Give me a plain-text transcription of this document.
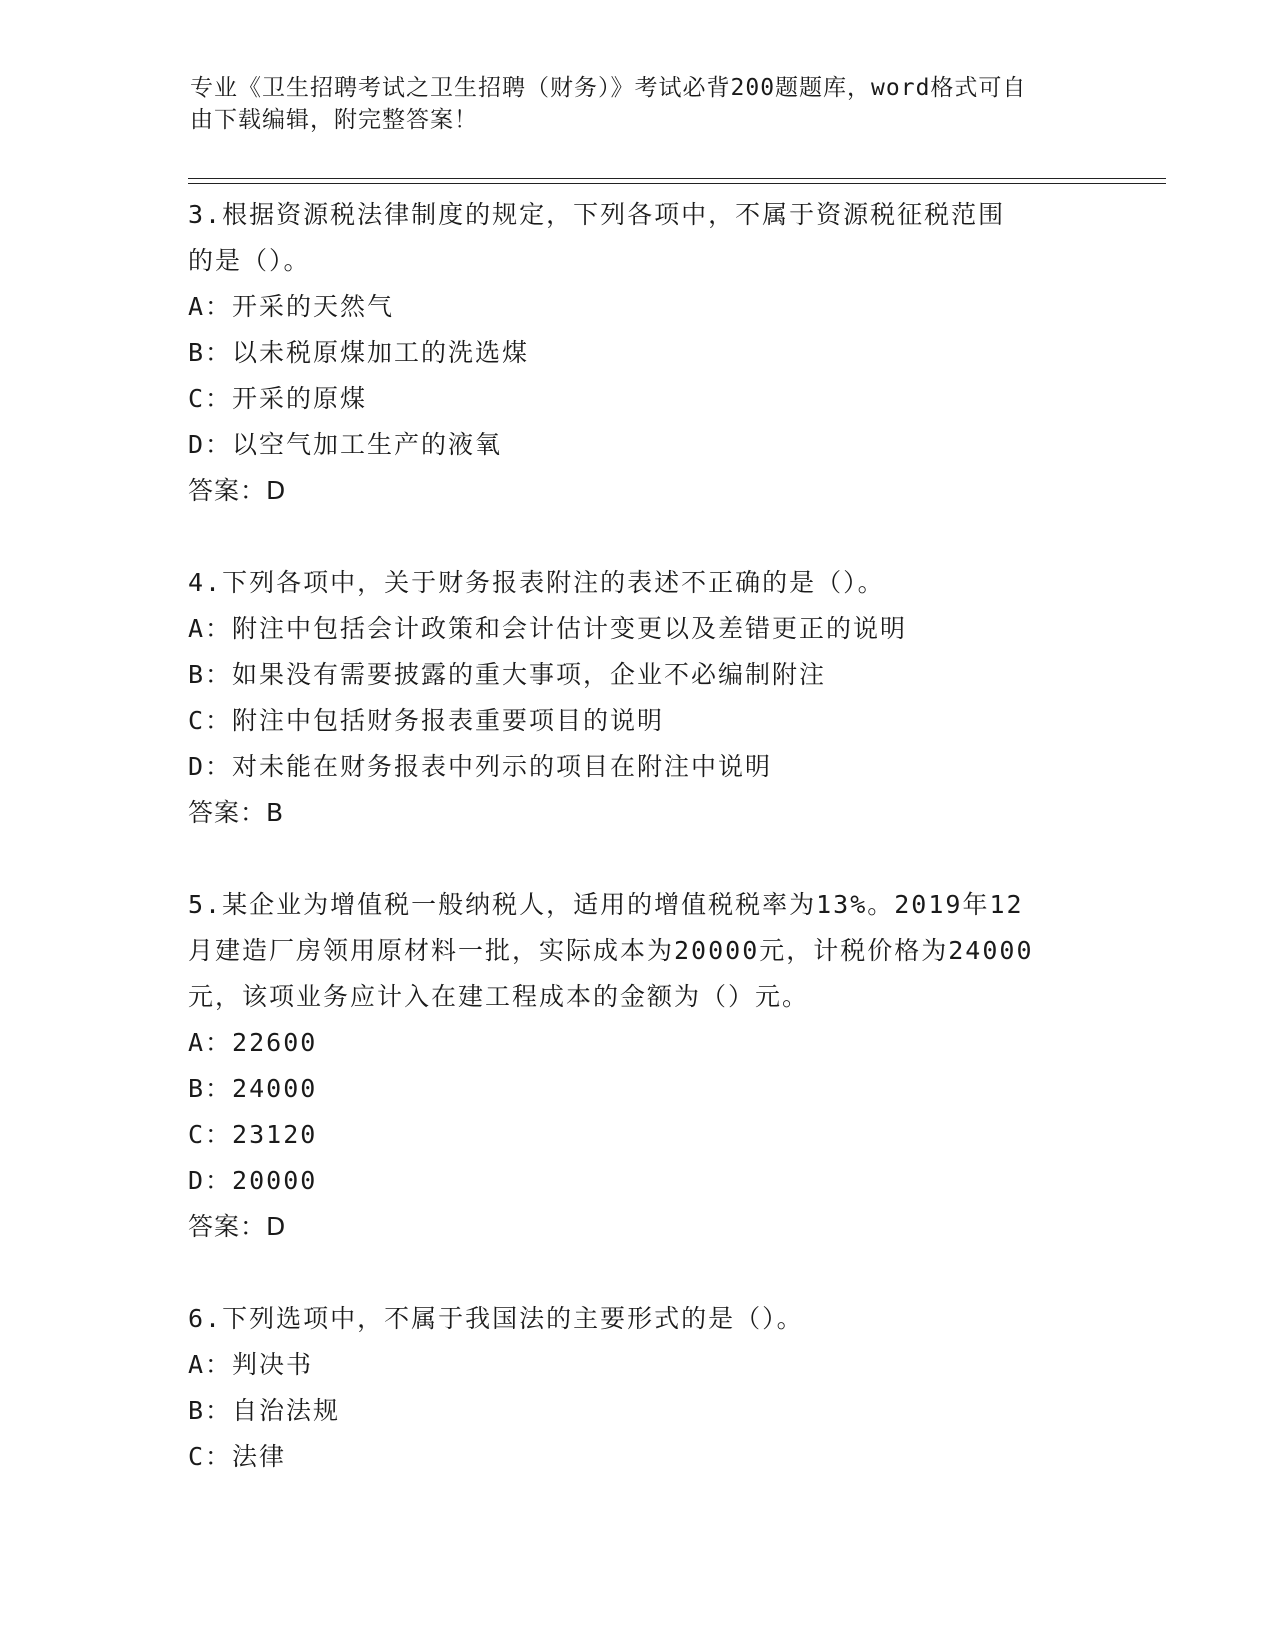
专业《卫生招聘考试之卫生招聘（财务）》考试必背200题题库，word格式可自
由下载编辑，附完整答案！
3.根据资源税法律制度的规定，下列各项中，不属于资源税征税范围
的是（）。
A：开采的天然气
B：以未税原煤加工的洗选煤
C：开采的原煤
D：以空气加工生产的液氧
答案：D
4.下列各项中，关于财务报表附注的表述不正确的是（）。
A：附注中包括会计政策和会计估计变更以及差错更正的说明
B：如果没有需要披露的重大事项，企业不必编制附注
C：附注中包括财务报表重要项目的说明
D：对未能在财务报表中列示的项目在附注中说明
答案：B
5.某企业为增值税一般纳税人，适用的增值税税率为13%。2019年12
月建造厂房领用原材料一批，实际成本为20000元，计税价格为24000
元，该项业务应计入在建工程成本的金额为（）元。
A：22600
B：24000
C：23120
D：20000
答案：D
6.下列选项中，不属于我国法的主要形式的是（）。
A：判决书
B：自治法规
C：法律
